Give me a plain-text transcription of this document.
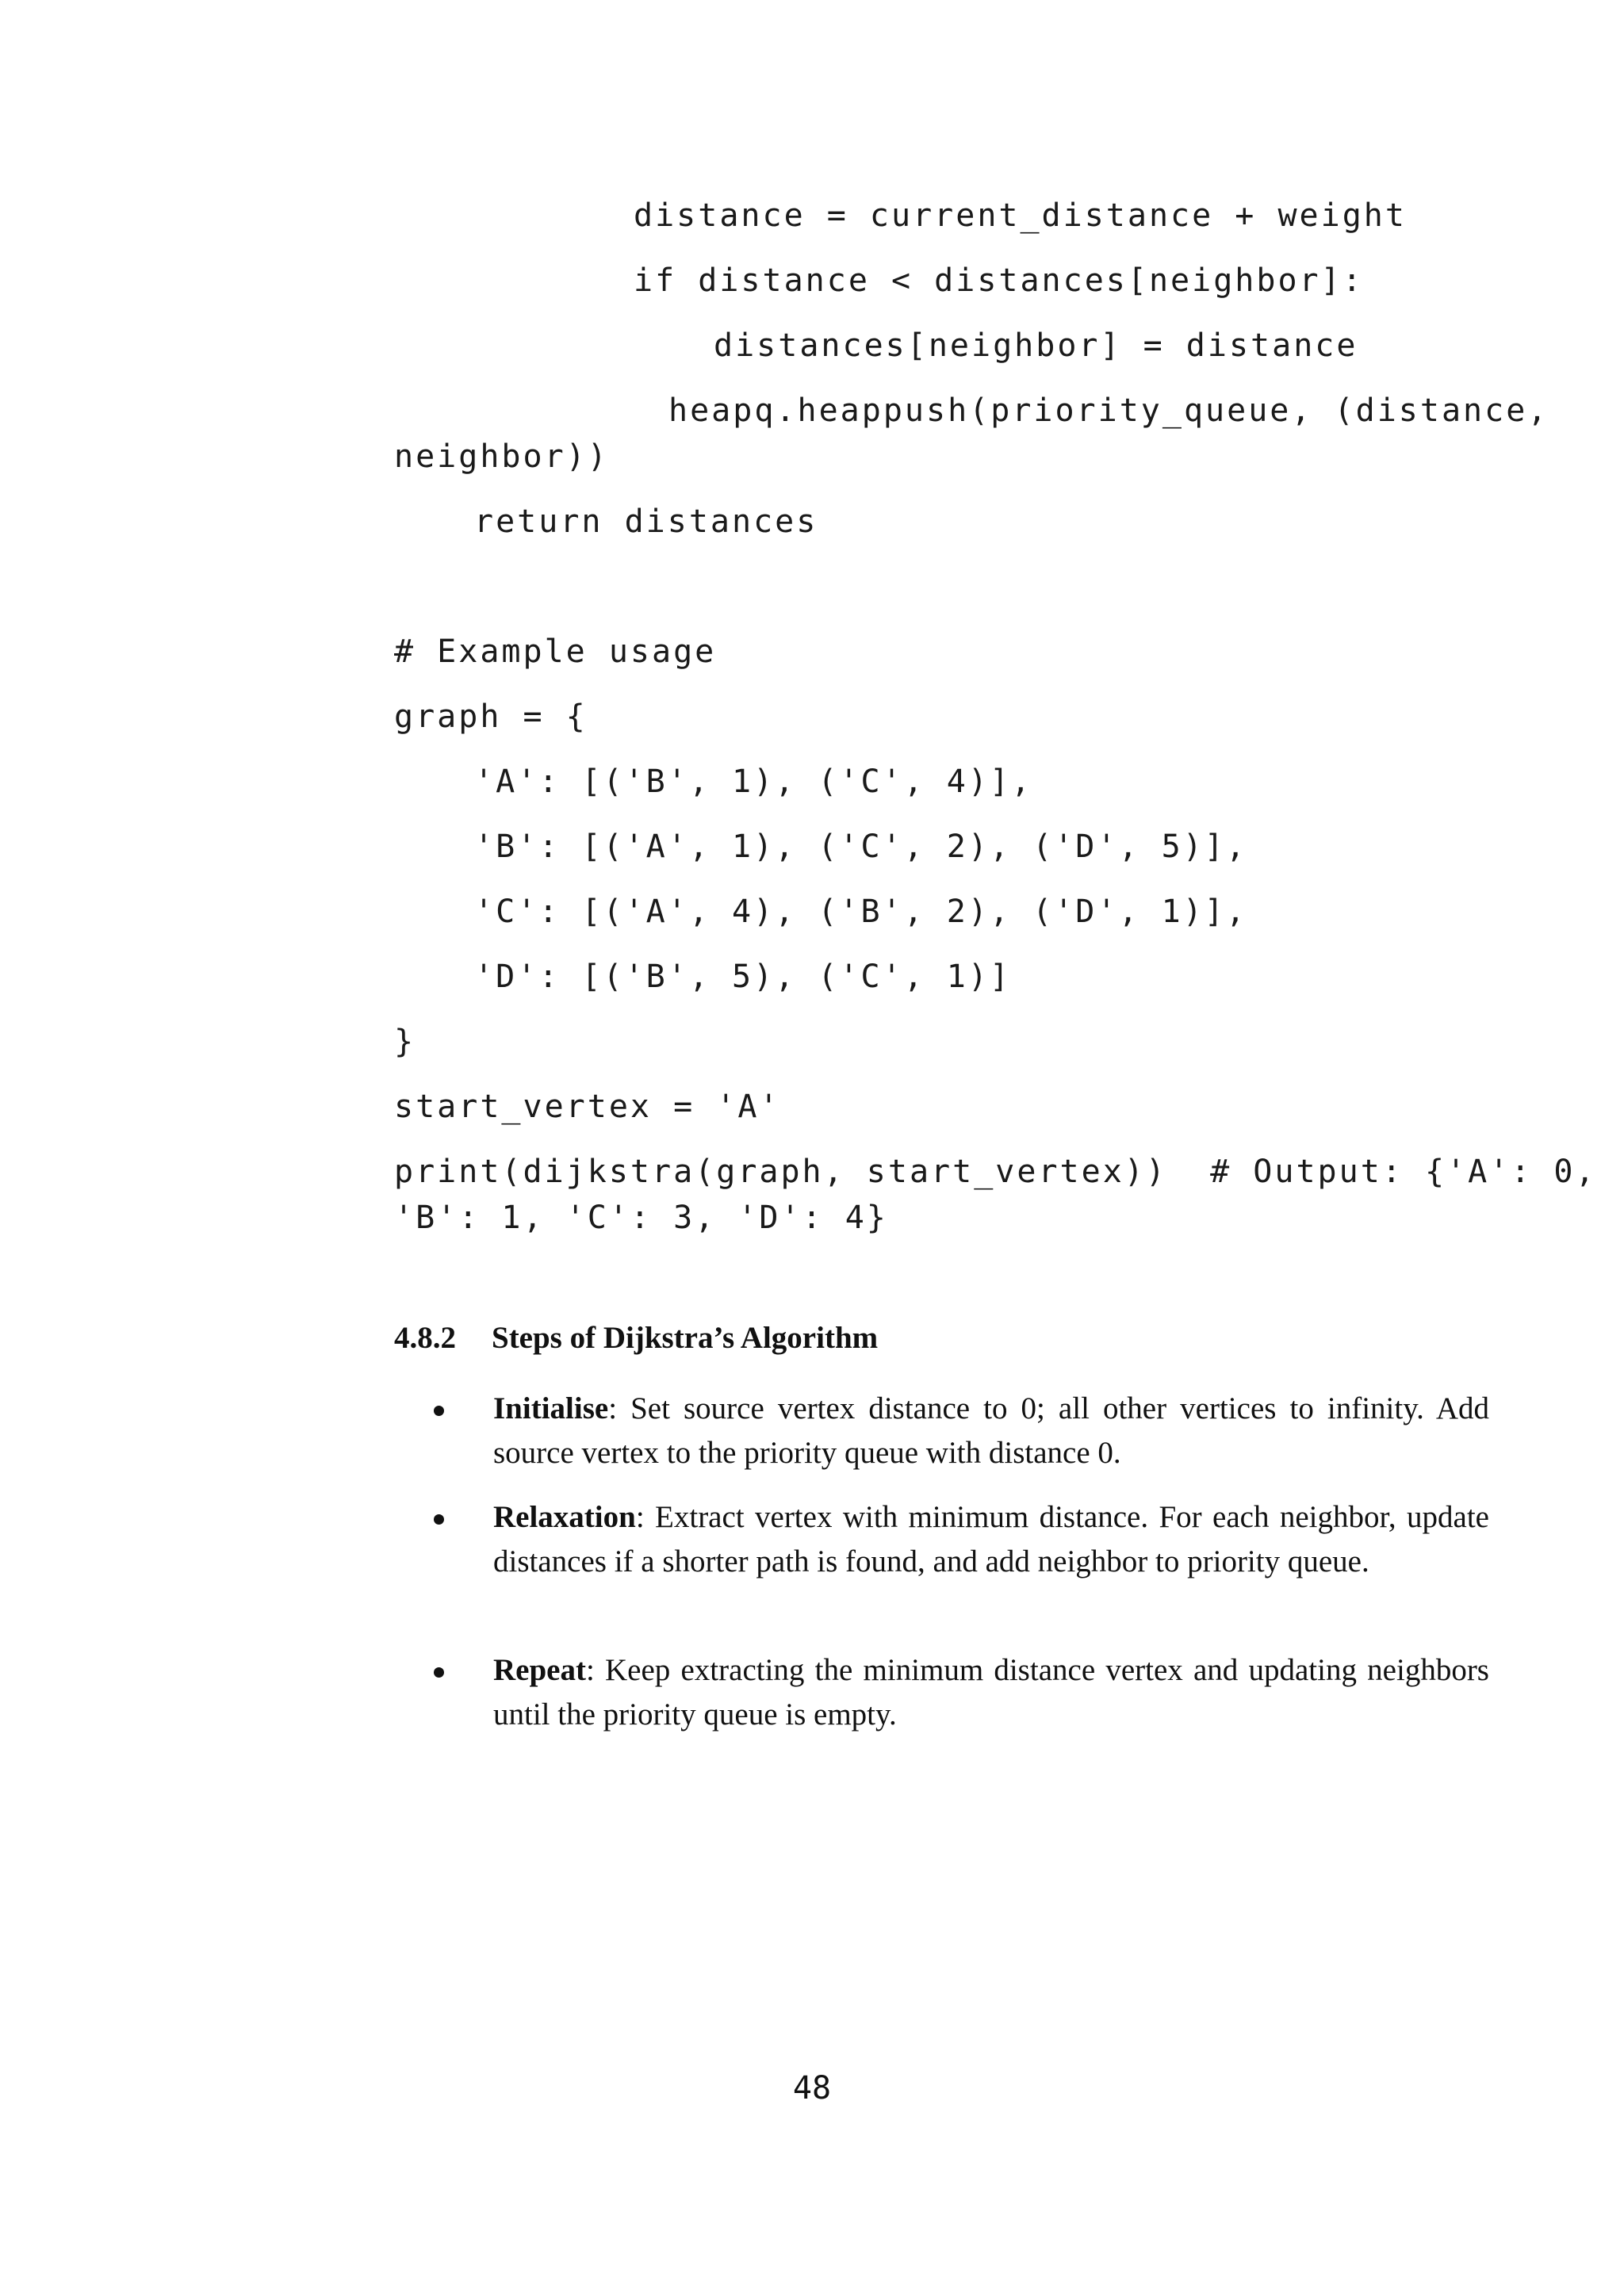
distance = current_distance + weight
if distance < distances[neighbor]:
distances[neighbor] = distance
heapq.heappush(priority_queue, (distance,
neighbor))
return distances
# Example usage
graph = {
'A': [('B', 1), ('C', 4)],
'B': [('A', 1), ('C', 2), ('D', 5)],
'C': [('A', 4), ('B', 2), ('D', 1)],
'D': [('B', 5), ('C', 1)]
}
start_vertex = 'A'
print(dijkstra(graph, start_vertex))  # Output: {'A': 0,
'B': 1, 'C': 3, 'D': 4}
4.8.2 Steps of Dijkstra’s Algorithm
Initialise: Set source vertex distance to 0; all other vertices to infinity. Add source vertex to the priority queue with distance 0.
Relaxation: Extract vertex with minimum distance. For each neighbor, update distances if a shorter path is found, and add neighbor to priority queue.
Repeat: Keep extracting the minimum distance vertex and updating neighbors until the priority queue is empty.
48
